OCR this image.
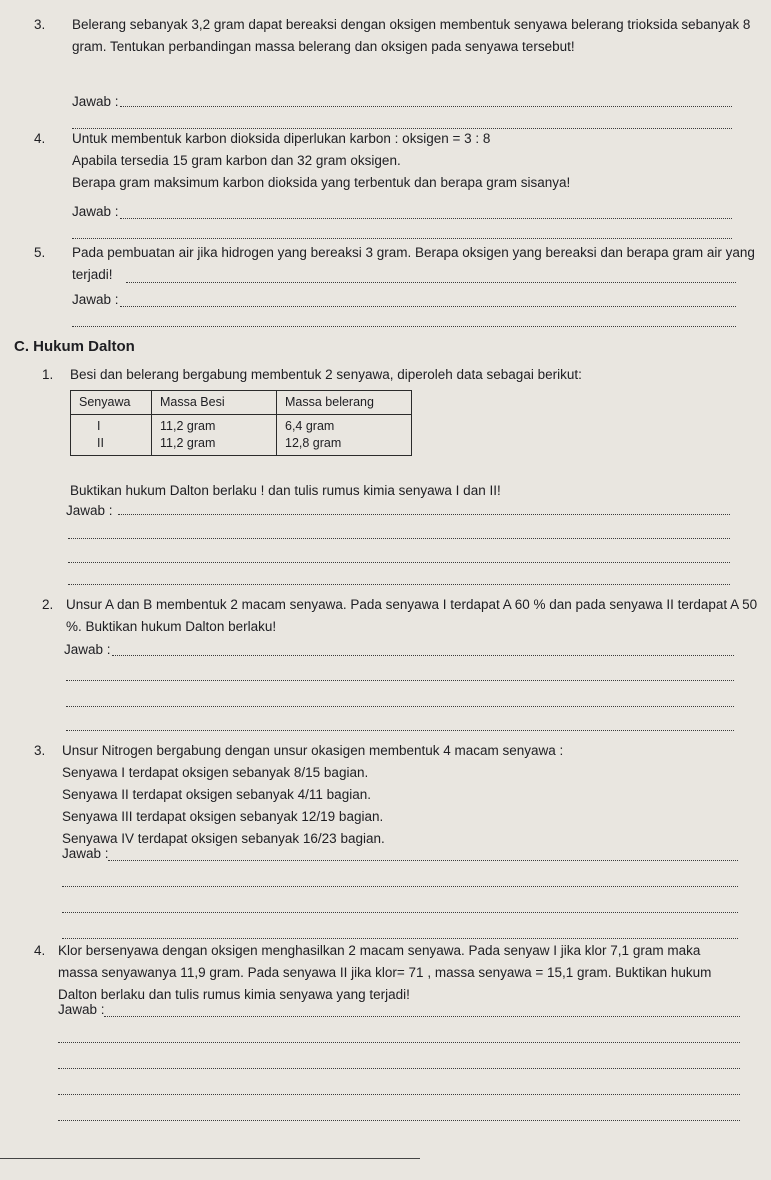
3. Belerang sebanyak 3,2 gram dapat bereaksi dengan oksigen membentuk senyawa belerang trioksida sebanyak 8
gram. Tentukan perbandingan massa belerang dan oksigen pada senyawa tersebut!
Jawab :
4. Untuk membentuk karbon dioksida diperlukan karbon : oksigen = 3 : 8
Apabila tersedia 15 gram karbon dan 32 gram oksigen.
Berapa gram maksimum karbon dioksida yang terbentuk dan berapa gram sisanya!
Jawab :
5. Pada pembuatan air jika hidrogen yang bereaksi 3 gram. Berapa oksigen yang bereaksi dan berapa gram air yang
terjadi!
Jawab :
C. Hukum Dalton
1. Besi dan belerang bergabung membentuk 2 senyawa, diperoleh data sebagai berikut:
Senyawa	Massa Besi	Massa belerang
I	11,2 gram	6,4 gram
II	11,2 gram	12,8 gram
Buktikan hukum Dalton berlaku ! dan tulis rumus kimia senyawa I dan II!
Jawab :
2. Unsur A dan B membentuk 2 macam senyawa. Pada senyawa I terdapat A 60 % dan pada senyawa II terdapat A 50
%. Buktikan hukum Dalton berlaku!
Jawab :
3. Unsur Nitrogen bergabung dengan unsur okasigen membentuk 4 macam senyawa :
Senyawa I terdapat oksigen sebanyak 8/15 bagian.
Senyawa II terdapat oksigen sebanyak 4/11 bagian.
Senyawa III terdapat oksigen sebanyak 12/19 bagian.
Senyawa IV terdapat oksigen sebanyak 16/23 bagian.
Jawab :
4. Klor bersenyawa dengan oksigen menghasilkan 2 macam senyawa. Pada senyaw I jika klor 7,1 gram maka
massa senyawanya 11,9 gram. Pada senyawa II jika klor= 71 , massa senyawa = 15,1 gram. Buktikan hukum
Dalton berlaku dan tulis rumus kimia senyawa yang terjadi!
Jawab :
